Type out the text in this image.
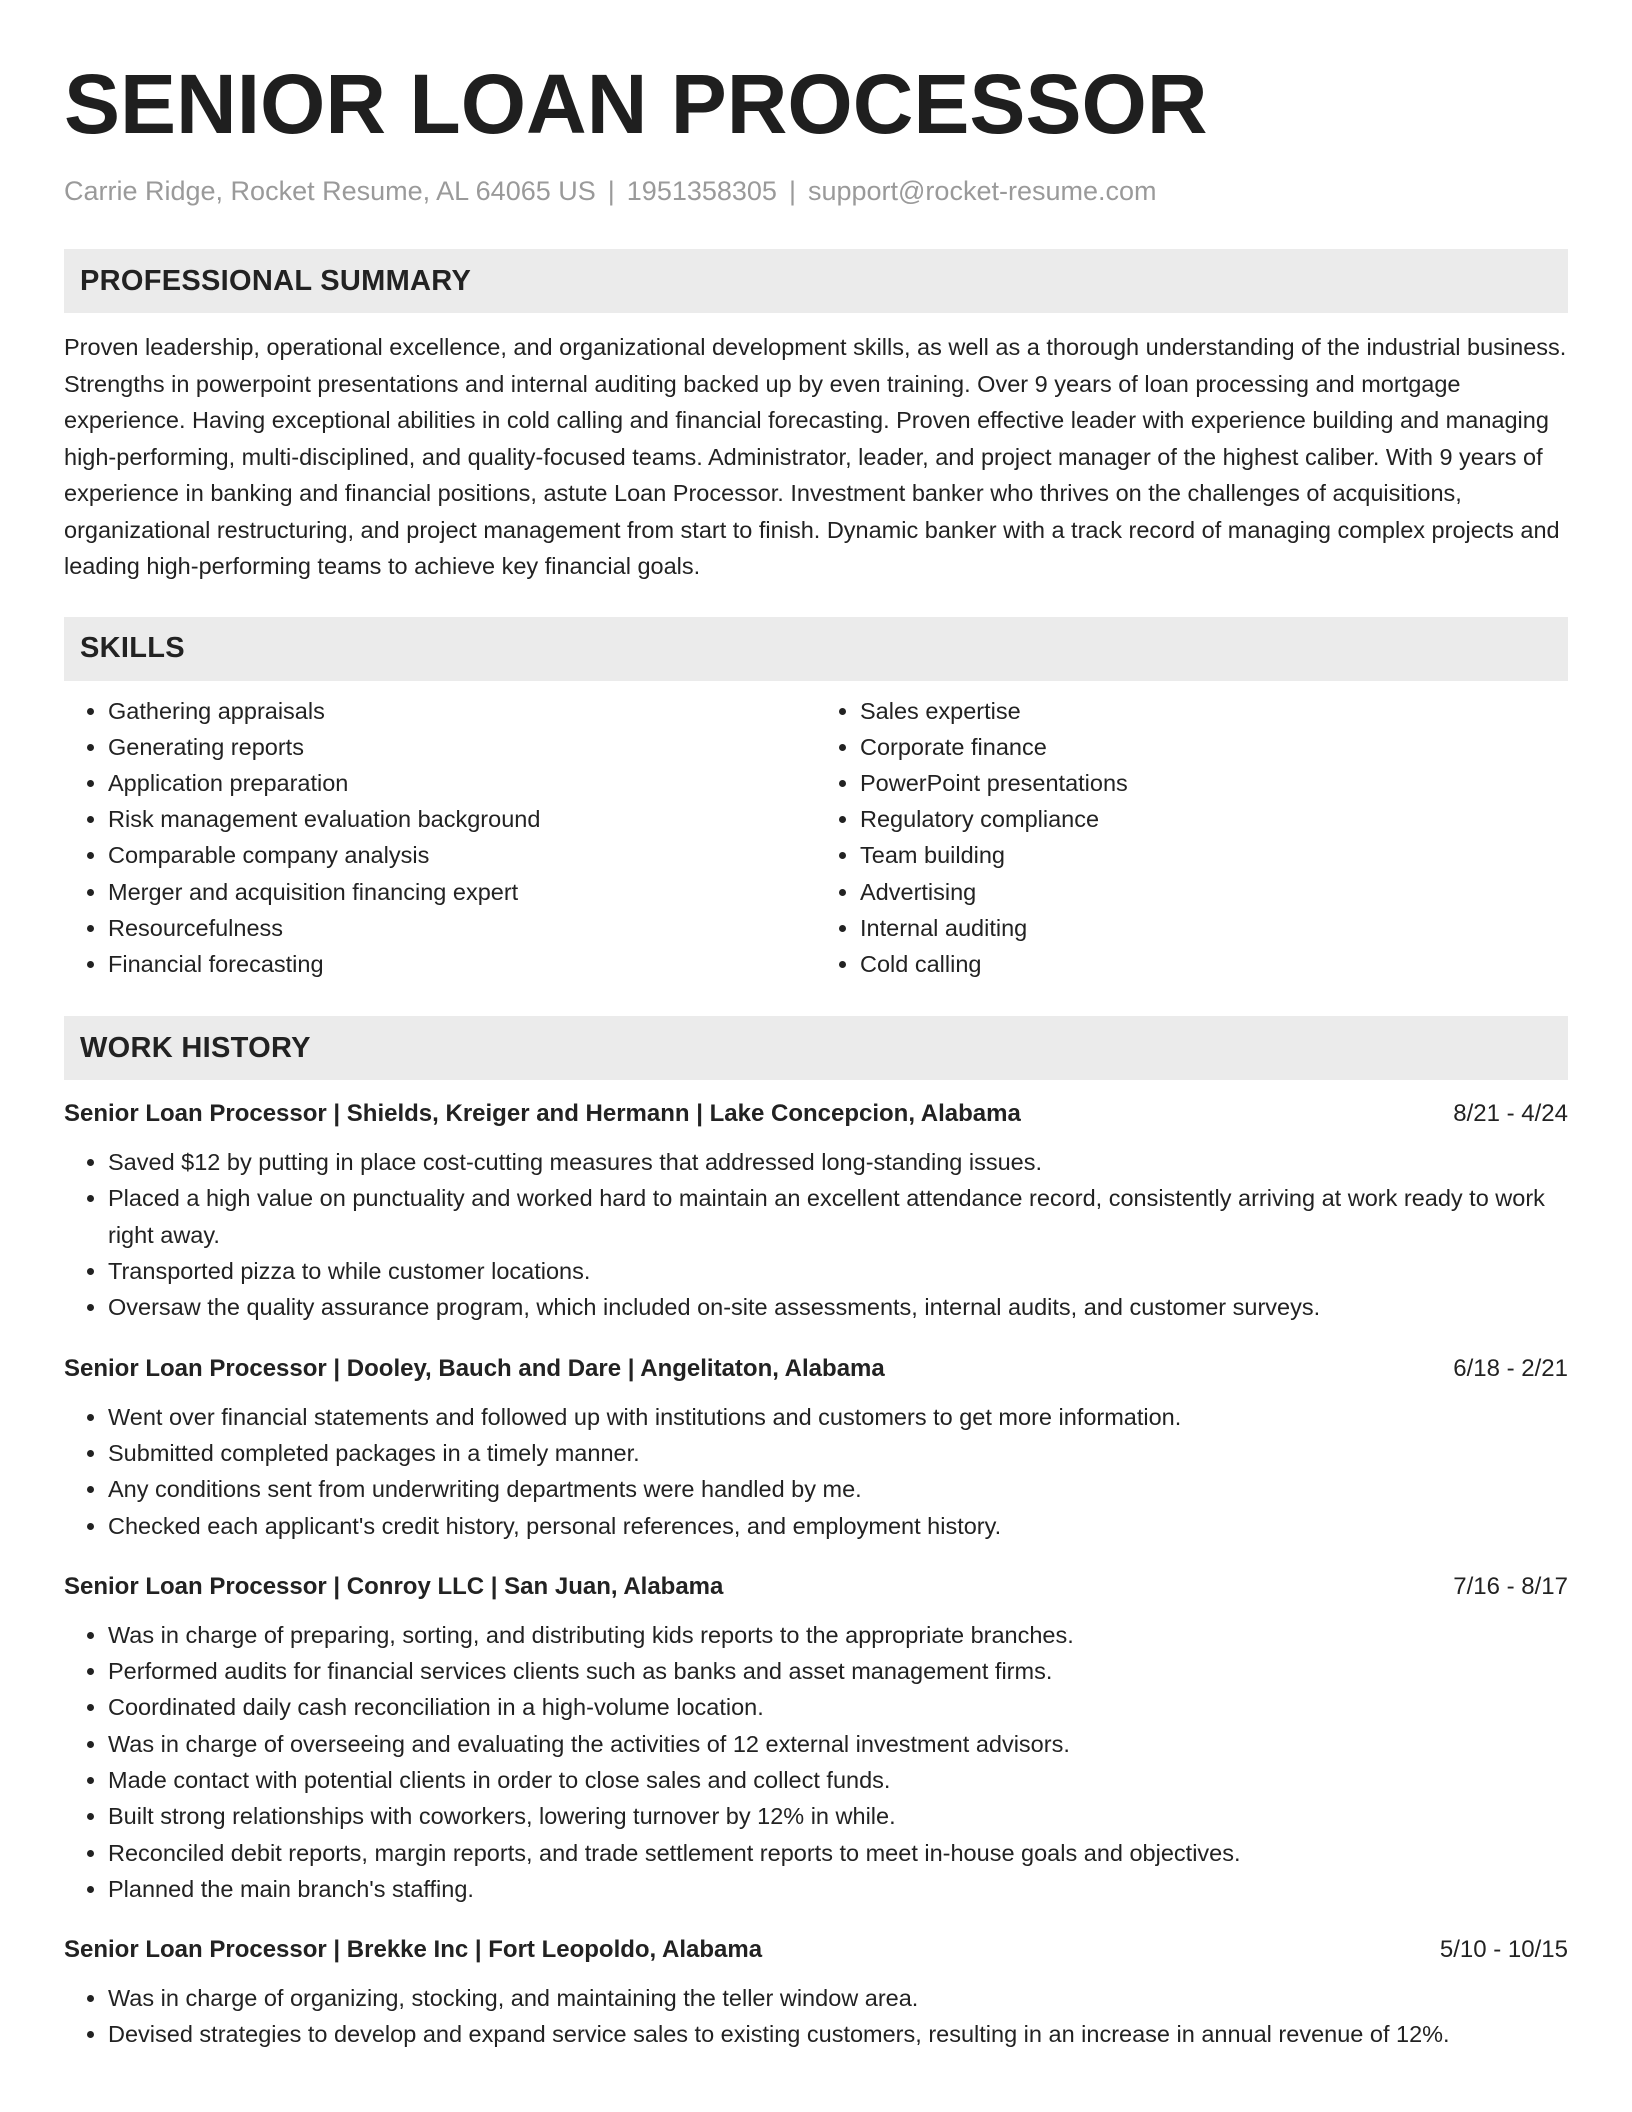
SENIOR LOAN PROCESSOR
Carrie Ridge, Rocket Resume, AL 64065 US | 1951358305 | support@rocket-resume.com
PROFESSIONAL SUMMARY
Proven leadership, operational excellence, and organizational development skills, as well as a thorough understanding of the industrial business. Strengths in powerpoint presentations and internal auditing backed up by even training. Over 9 years of loan processing and mortgage experience. Having exceptional abilities in cold calling and financial forecasting. Proven effective leader with experience building and managing high-performing, multi-disciplined, and quality-focused teams. Administrator, leader, and project manager of the highest caliber. With 9 years of experience in banking and financial positions, astute Loan Processor. Investment banker who thrives on the challenges of acquisitions, organizational restructuring, and project management from start to finish. Dynamic banker with a track record of managing complex projects and leading high-performing teams to achieve key financial goals.
SKILLS
• Gathering appraisals
• Generating reports
• Application preparation
• Risk management evaluation background
• Comparable company analysis
• Merger and acquisition financing expert
• Resourcefulness
• Financial forecasting
• Sales expertise
• Corporate finance
• PowerPoint presentations
• Regulatory compliance
• Team building
• Advertising
• Internal auditing
• Cold calling
WORK HISTORY
Senior Loan Processor | Shields, Kreiger and Hermann | Lake Concepcion, Alabama	8/21 - 4/24
• Saved $12 by putting in place cost-cutting measures that addressed long-standing issues.
• Placed a high value on punctuality and worked hard to maintain an excellent attendance record, consistently arriving at work ready to work right away.
• Transported pizza to while customer locations.
• Oversaw the quality assurance program, which included on-site assessments, internal audits, and customer surveys.
Senior Loan Processor | Dooley, Bauch and Dare | Angelitaton, Alabama	6/18 - 2/21
• Went over financial statements and followed up with institutions and customers to get more information.
• Submitted completed packages in a timely manner.
• Any conditions sent from underwriting departments were handled by me.
• Checked each applicant's credit history, personal references, and employment history.
Senior Loan Processor | Conroy LLC | San Juan, Alabama	7/16 - 8/17
• Was in charge of preparing, sorting, and distributing kids reports to the appropriate branches.
• Performed audits for financial services clients such as banks and asset management firms.
• Coordinated daily cash reconciliation in a high-volume location.
• Was in charge of overseeing and evaluating the activities of 12 external investment advisors.
• Made contact with potential clients in order to close sales and collect funds.
• Built strong relationships with coworkers, lowering turnover by 12% in while.
• Reconciled debit reports, margin reports, and trade settlement reports to meet in-house goals and objectives.
• Planned the main branch's staffing.
Senior Loan Processor | Brekke Inc | Fort Leopoldo, Alabama	5/10 - 10/15
• Was in charge of organizing, stocking, and maintaining the teller window area.
• Devised strategies to develop and expand service sales to existing customers, resulting in an increase in annual revenue of 12%.
